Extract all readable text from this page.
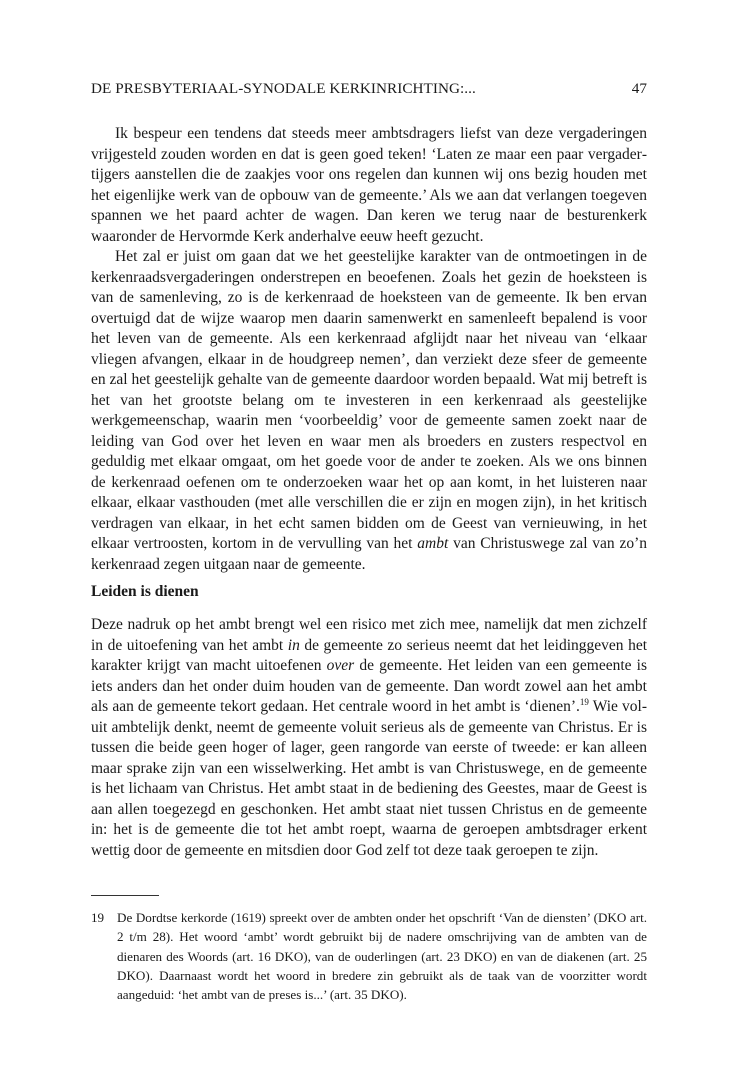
DE PRESBYTERIAAL-SYNODALE KERKINRICHTING:...	47

Ik bespeur een tendens dat steeds meer ambtsdragers liefst van deze vergaderingen vrijgesteld zouden worden en dat is geen goed teken! ‘Laten ze maar een paar vergadertijgers aanstellen die de zaakjes voor ons regelen dan kunnen wij ons bezig houden met het eigenlijke werk van de opbouw van de gemeente.’ Als we aan dat verlangen toegeven spannen we het paard achter de wagen. Dan keren we terug naar de besturenkerk waaronder de Hervormde Kerk anderhalve eeuw heeft gezucht.

Het zal er juist om gaan dat we het geestelijke karakter van de ontmoetingen in de kerkenraadsvergaderingen onderstrepen en beoefenen. Zoals het gezin de hoeksteen is van de samenleving, zo is de kerkenraad de hoeksteen van de gemeente. Ik ben ervan overtuigd dat de wijze waarop men daarin samenwerkt en samenleeft bepalend is voor het leven van de gemeente. Als een kerkenraad afglijdt naar het niveau van ‘elkaar vliegen afvangen, elkaar in de houdgreep nemen’, dan verziekt deze sfeer de gemeente en zal het geestelijk gehalte van de gemeente daardoor worden bepaald. Wat mij betreft is het van het grootste belang om te investeren in een kerkenraad als geestelijke werkgemeenschap, waarin men ‘voorbeeldig’ voor de gemeente samen zoekt naar de leiding van God over het leven en waar men als broeders en zusters respectvol en geduldig met elkaar omgaat, om het goede voor de ander te zoeken. Als we ons binnen de kerkenraad oefenen om te onderzoeken waar het op aan komt, in het luisteren naar elkaar, elkaar vasthouden (met alle verschillen die er zijn en mogen zijn), in het kritisch verdragen van elkaar, in het echt samen bidden om de Geest van vernieuwing, in het elkaar vertroosten, kortom in de vervulling van het ambt van Christuswege zal van zo’n kerkenraad zegen uitgaan naar de gemeente.

Leiden is dienen

Deze nadruk op het ambt brengt wel een risico met zich mee, namelijk dat men zichzelf in de uitoefening van het ambt in de gemeente zo serieus neemt dat het leidinggeven het karakter krijgt van macht uitoefenen over de gemeente. Het leiden van een gemeente is iets anders dan het onder duim houden van de gemeente. Dan wordt zowel aan het ambt als aan de gemeente tekort gedaan. Het centrale woord in het ambt is ‘dienen’.$^{19}$ Wie voluit ambtelijk denkt, neemt de gemeente voluit serieus als de gemeente van Christus. Er is tussen die beide geen hoger of lager, geen rangorde van eerste of tweede: er kan alleen maar sprake zijn van een wisselwerking. Het ambt is van Christuswege, en de gemeente is het lichaam van Christus. Het ambt staat in de bediening des Geestes, maar de Geest is aan allen toegezegd en geschonken. Het ambt staat niet tussen Christus en de gemeente in: het is de gemeente die tot het ambt roept, waarna de geroepen ambtsdrager erkent wettig door de gemeente en mitsdien door God zelf tot deze taak geroepen te zijn.

19 De Dordtse kerkorde (1619) spreekt over de ambten onder het opschrift ‘Van de diensten’ (DKO art. 2 t/m 28). Het woord ‘ambt’ wordt gebruikt bij de nadere omschrijving van de ambten van de dienaren des Woords (art. 16 DKO), van de ouderlingen (art. 23 DKO) en van de diakenen (art. 25 DKO). Daarnaast wordt het woord in bredere zin gebruikt als de taak van de voorzitter wordt aangeduid: ‘het ambt van de preses is...’ (art. 35 DKO).
